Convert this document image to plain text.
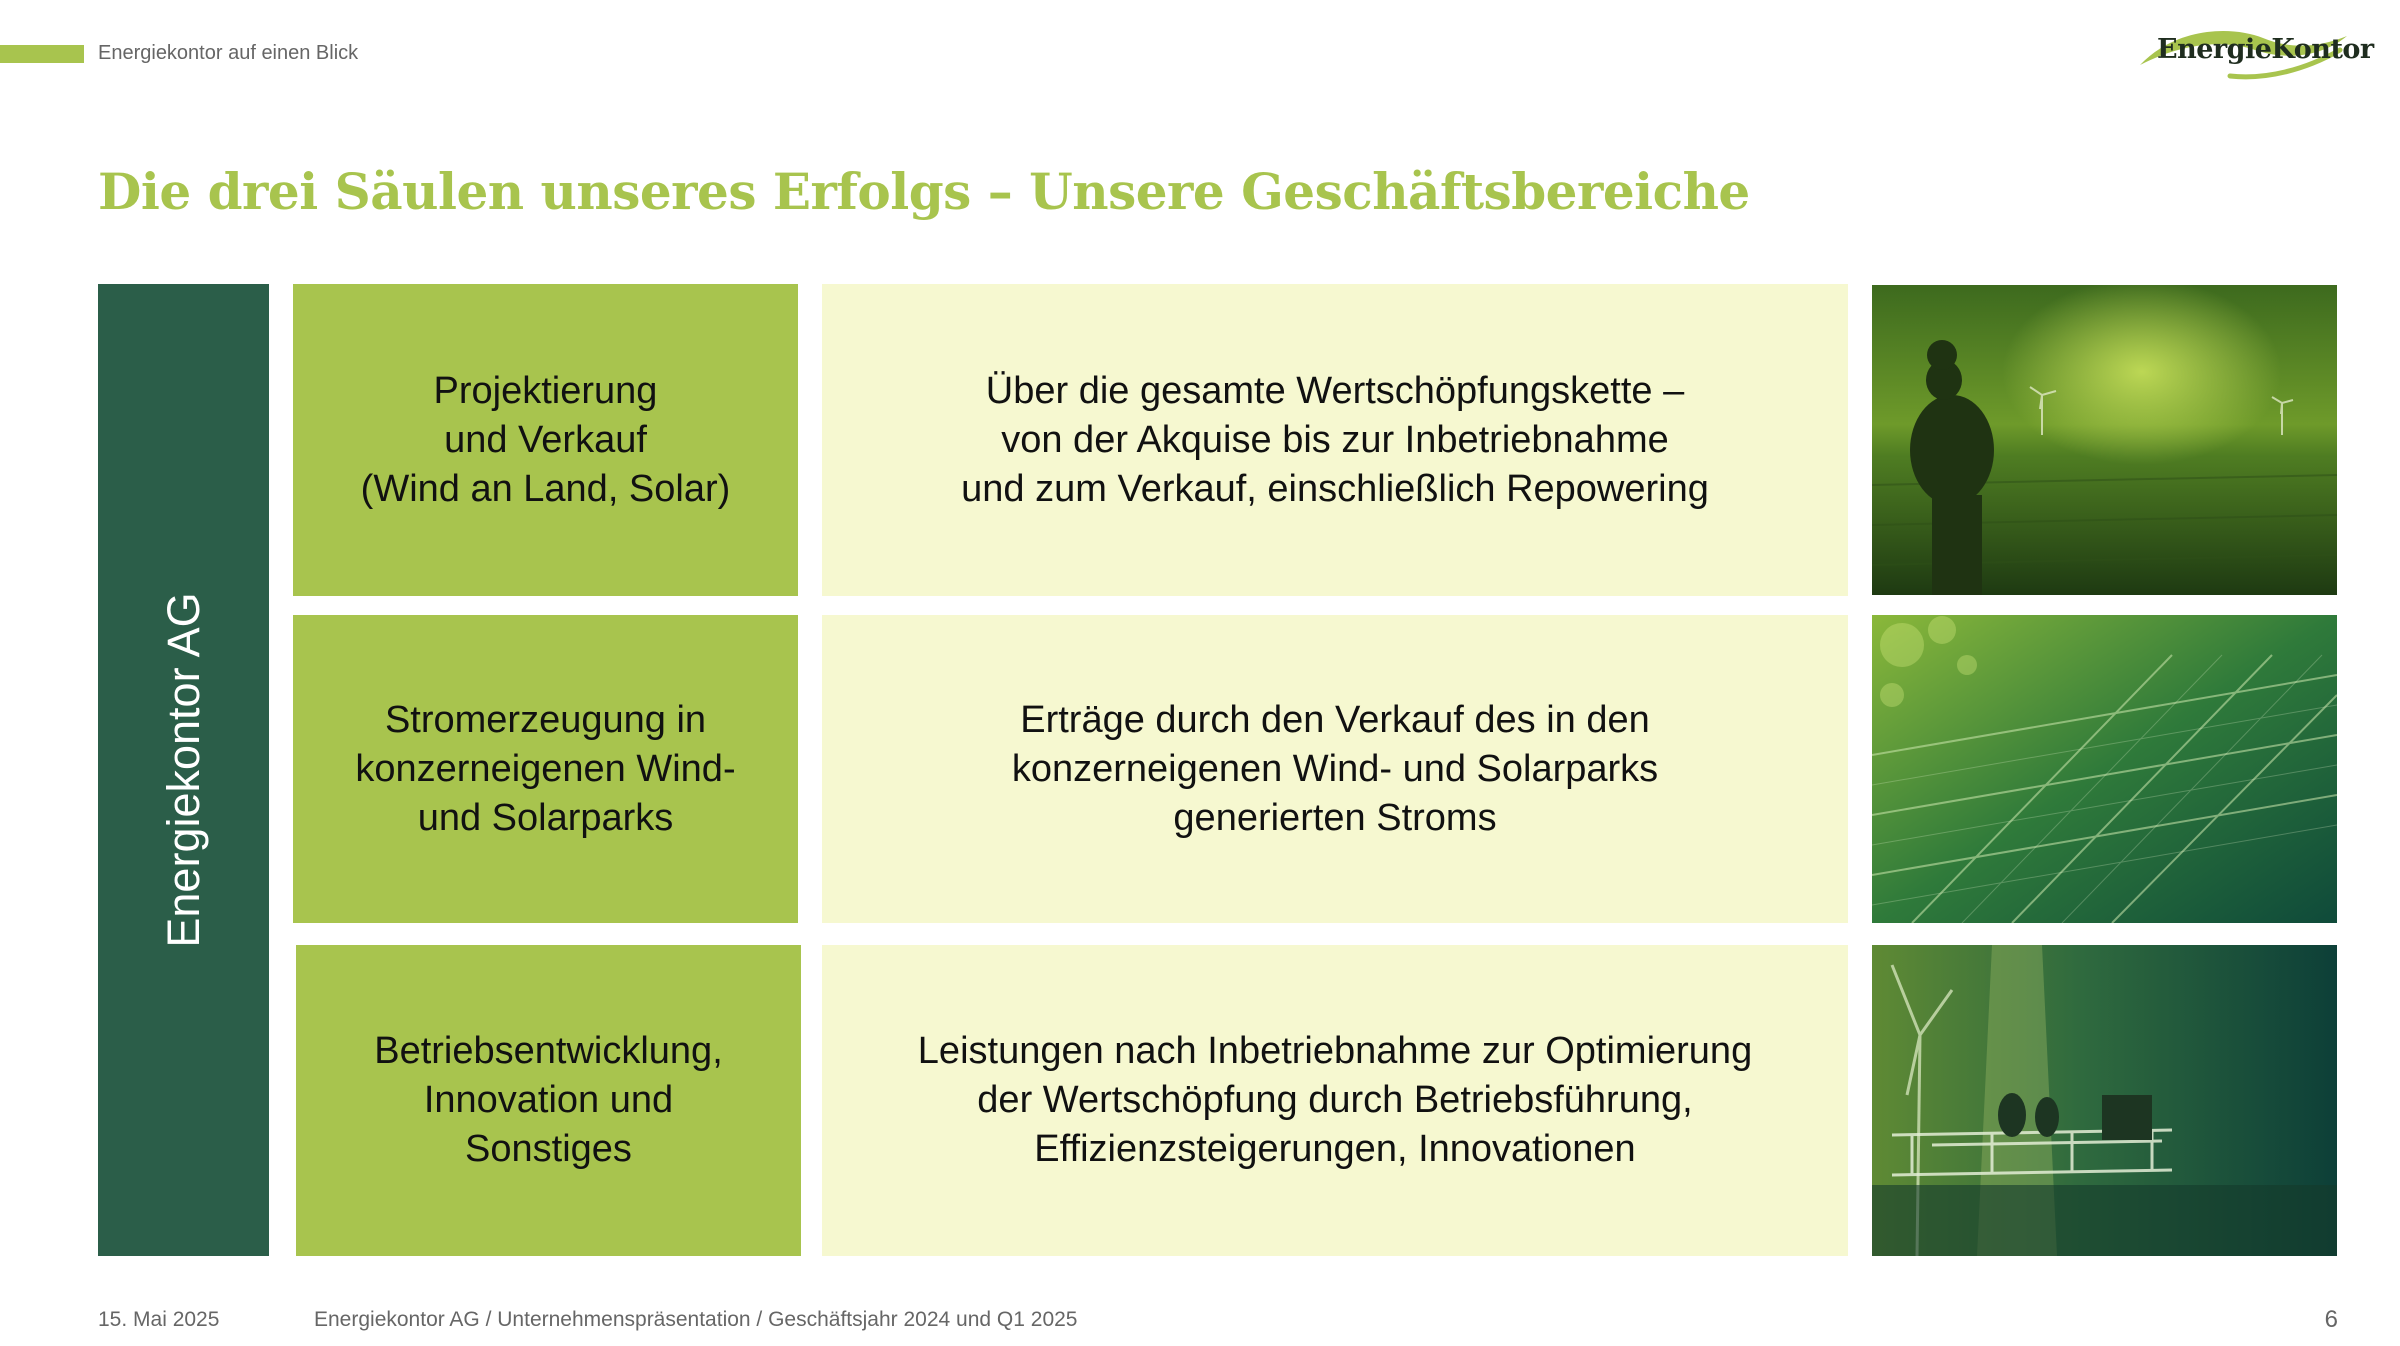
Energiekontor auf einen Blick	EnergieKontor
Die drei Säulen unseres Erfolgs – Unsere Geschäftsbereiche
Energiekontor AG
Projektierung
und Verkauf
(Wind an Land, Solar)
Über die gesamte Wertschöpfungskette –
von der Akquise bis zur Inbetriebnahme
und zum Verkauf, einschließlich Repowering
Stromerzeugung in
konzerneigenen Wind-
und Solarparks
Erträge durch den Verkauf des in den
konzerneigenen Wind- und Solarparks
generierten Stroms
Betriebsentwicklung,
Innovation und
Sonstiges
Leistungen nach Inbetriebnahme zur Optimierung
der Wertschöpfung durch Betriebsführung,
Effizienzsteigerungen, Innovationen
15. Mai 2025	Energiekontor AG / Unternehmenspräsentation / Geschäftsjahr 2024 und Q1 2025	6
